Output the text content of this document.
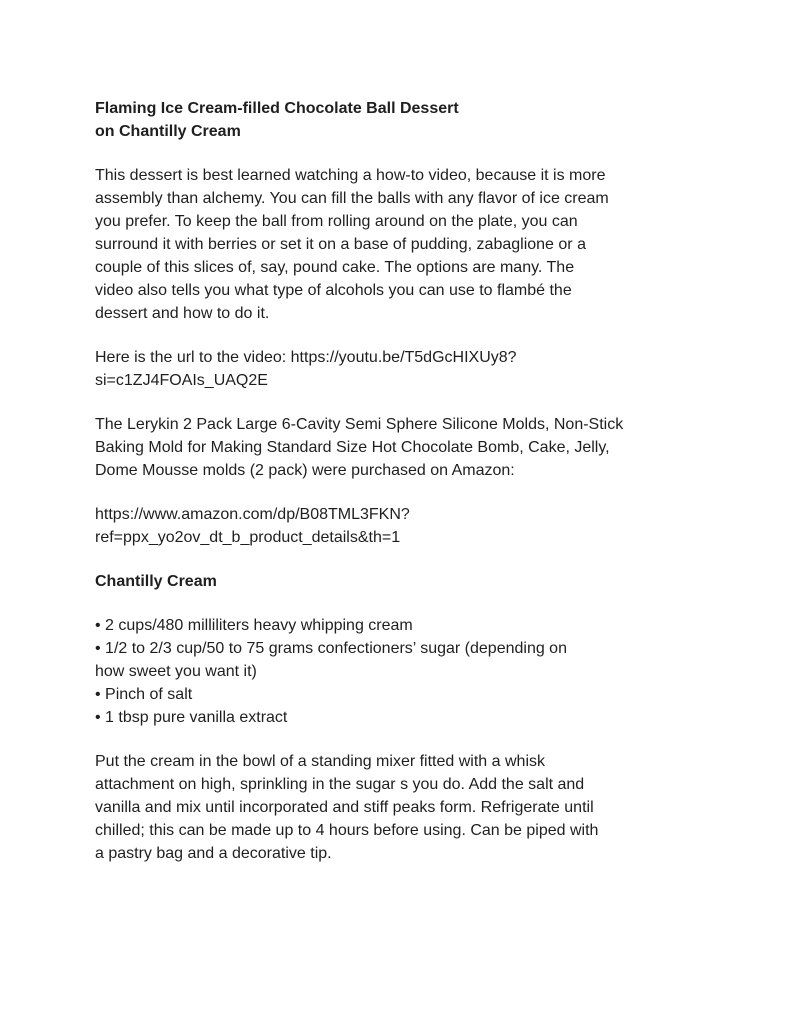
Flaming Ice Cream-filled Chocolate Ball Dessert
on Chantilly Cream
This dessert is best learned watching a how-to video, because it is more
assembly than alchemy. You can fill the balls with any flavor of ice cream
you prefer. To keep the ball from rolling around on the plate, you can
surround it with berries or set it on a base of pudding, zabaglione or a
couple of this slices of, say, pound cake. The options are many. The
video also tells you what type of alcohols you can use to flambé the
dessert and how to do it.
Here is the url to the video: https://youtu.be/T5dGcHIXUy8?
si=c1ZJ4FOAIs_UAQ2E
The Lerykin 2 Pack Large 6-Cavity Semi Sphere Silicone Molds, Non-Stick
Baking Mold for Making Standard Size Hot Chocolate Bomb, Cake, Jelly,
Dome Mousse molds (2 pack) were purchased on Amazon:
https://www.amazon.com/dp/B08TML3FKN?
ref=ppx_yo2ov_dt_b_product_details&th=1
Chantilly Cream
• 2 cups/480 milliliters heavy whipping cream
• 1/2 to 2/3 cup/50 to 75 grams confectioners’ sugar (depending on
how sweet you want it)
• Pinch of salt
• 1 tbsp pure vanilla extract
Put the cream in the bowl of a standing mixer fitted with a whisk
attachment on high, sprinkling in the sugar s you do. Add the salt and
vanilla and mix until incorporated and stiff peaks form. Refrigerate until
chilled; this can be made up to 4 hours before using. Can be piped with
a pastry bag and a decorative tip.
